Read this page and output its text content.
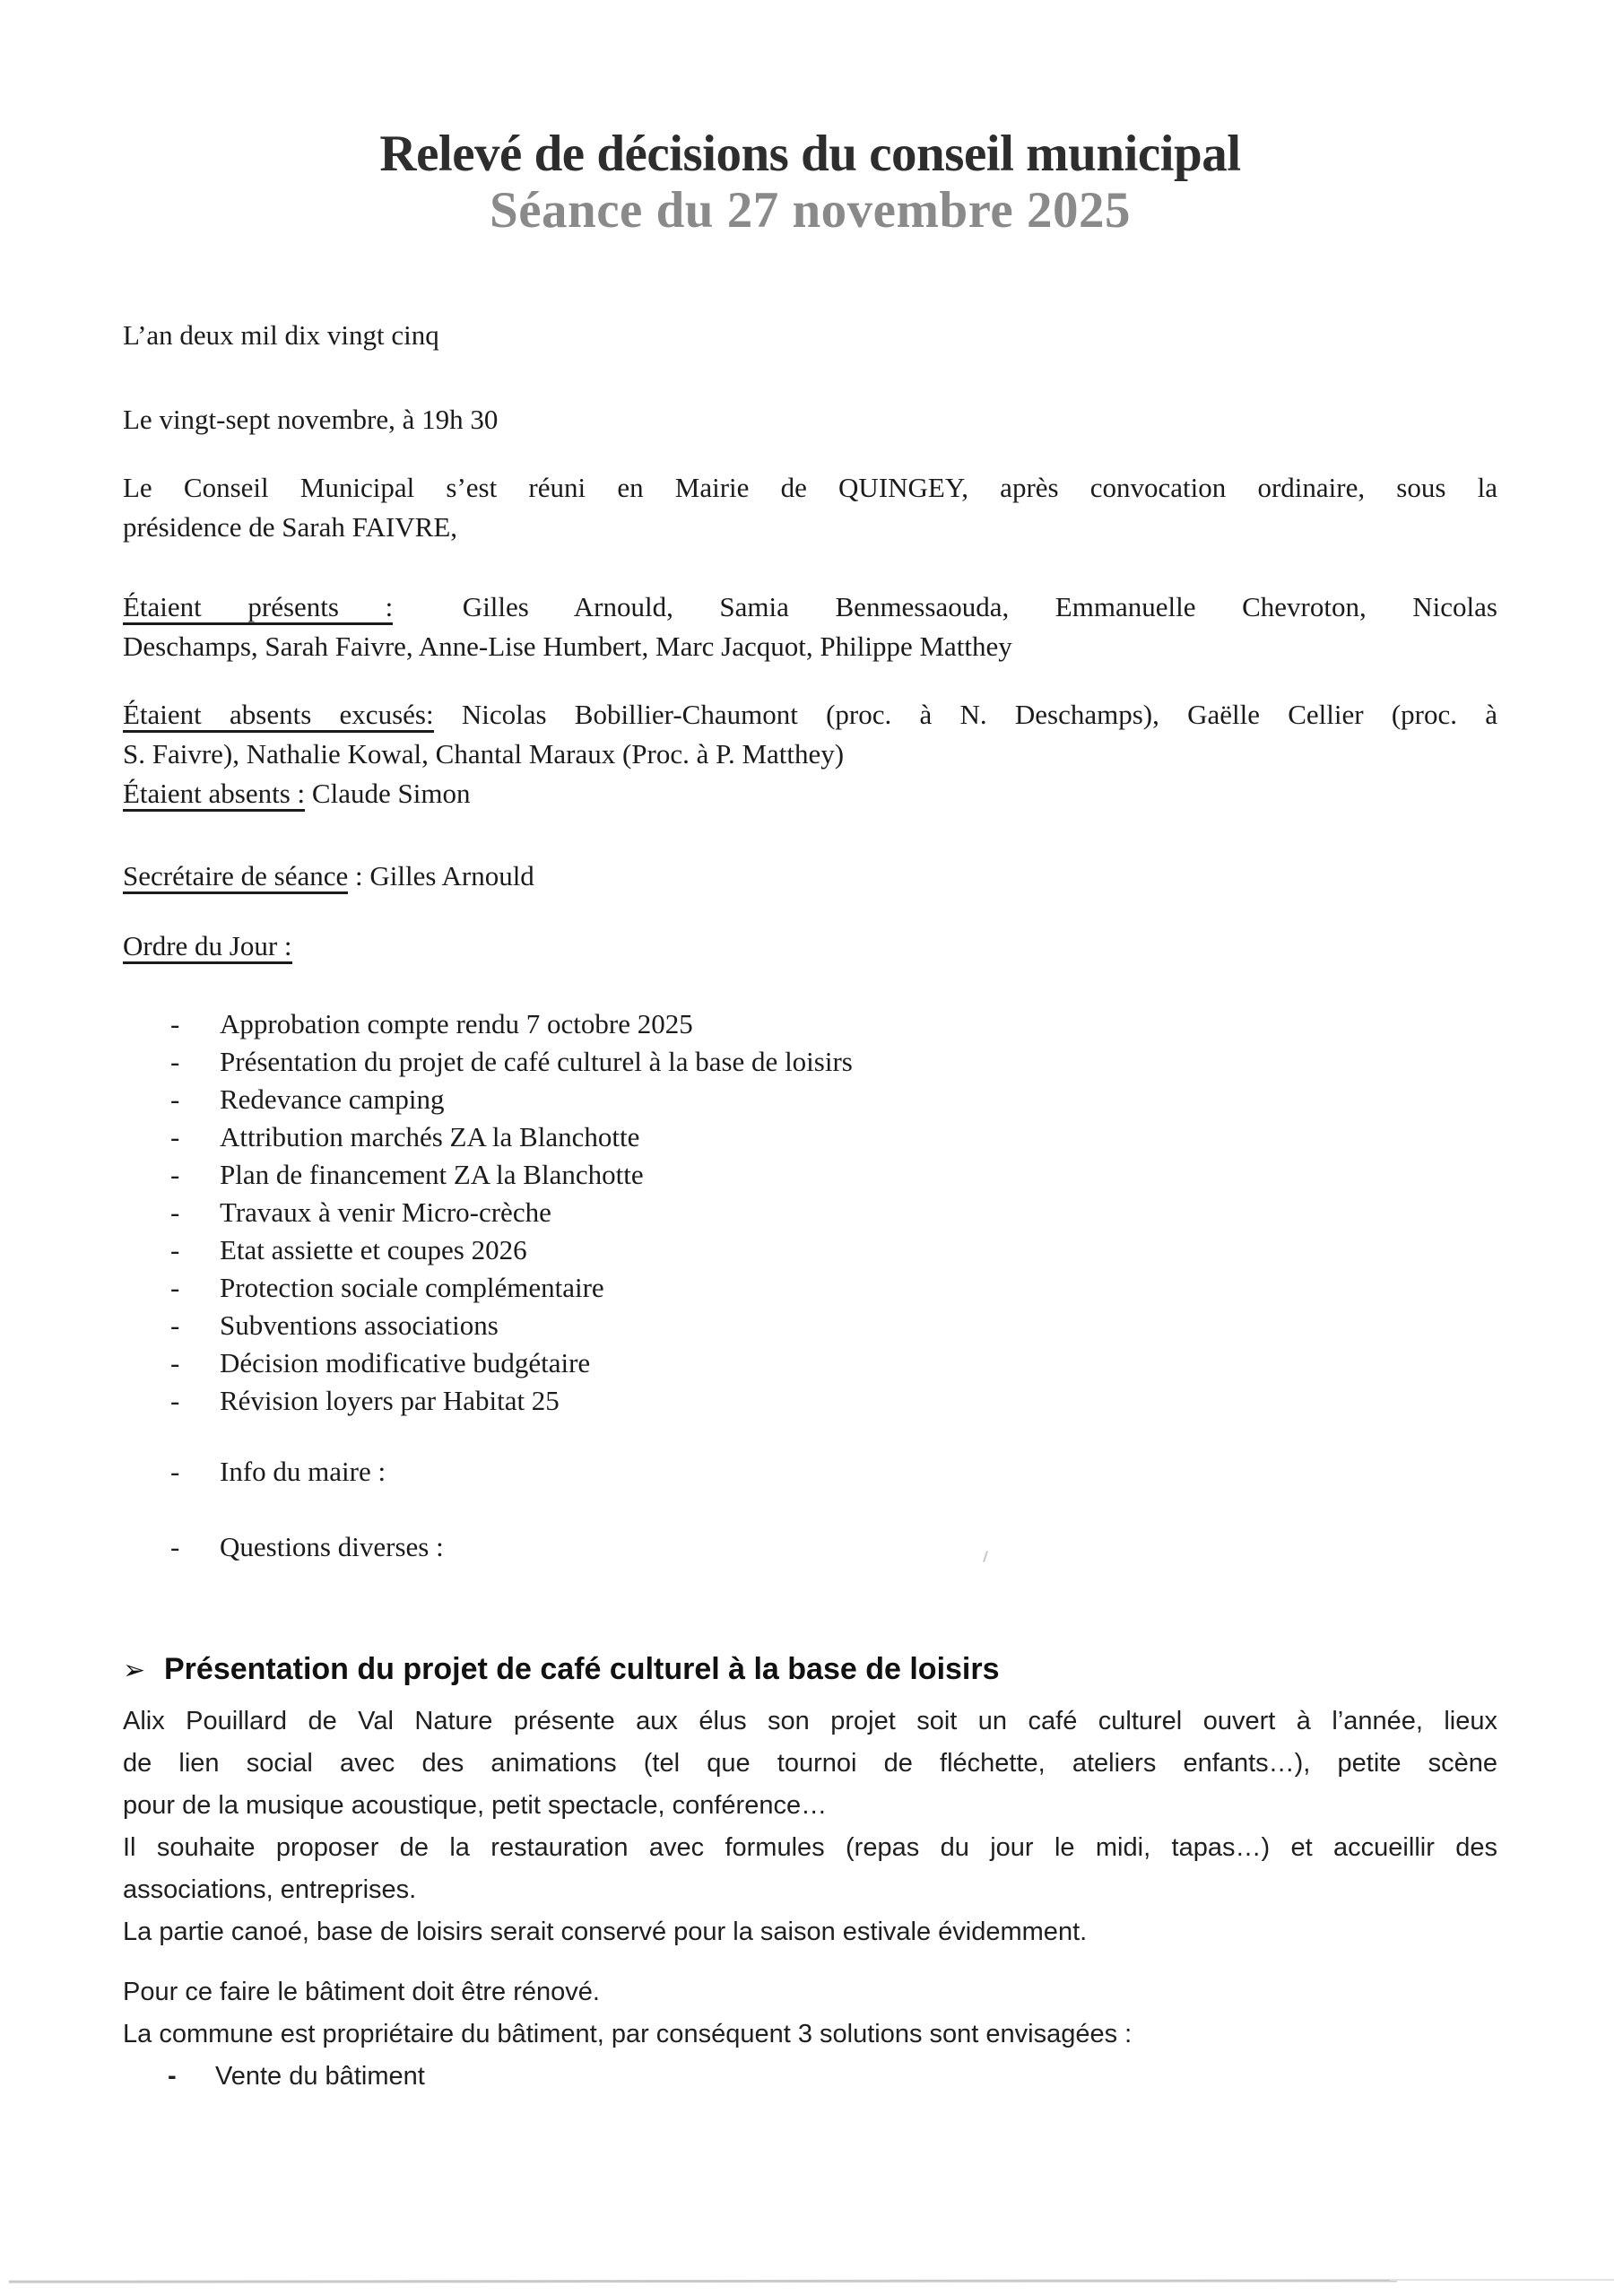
Relevé de décisions du conseil municipal
Séance du 27 novembre 2025
L’an deux mil dix vingt cinq
Le vingt-sept novembre, à 19h 30
Le Conseil Municipal s’est réuni en Mairie de QUINGEY, après convocation ordinaire, sous la
présidence de Sarah FAIVRE,
Étaient présents : Gilles Arnould, Samia Benmessaouda, Emmanuelle Chevroton, Nicolas
Deschamps, Sarah Faivre, Anne-Lise Humbert, Marc Jacquot, Philippe Matthey
Étaient absents excusés: Nicolas Bobillier-Chaumont (proc. à N. Deschamps), Gaëlle Cellier (proc. à
S. Faivre), Nathalie Kowal, Chantal Maraux (Proc. à P. Matthey)
Étaient absents : Claude Simon
Secrétaire de séance : Gilles Arnould
Ordre du Jour :
-	Approbation compte rendu 7 octobre 2025
-	Présentation du projet de café culturel à la base de loisirs
-	Redevance camping
-	Attribution marchés ZA la Blanchotte
-	Plan de financement ZA la Blanchotte
-	Travaux à venir Micro-crèche
-	Etat assiette et coupes 2026
-	Protection sociale complémentaire
-	Subventions associations
-	Décision modificative budgétaire
-	Révision loyers par Habitat 25
-	Info du maire :
-	Questions diverses :
➢ Présentation du projet de café culturel à la base de loisirs
Alix Pouillard de Val Nature présente aux élus son projet soit un café culturel ouvert à l’année, lieux
de lien social avec des animations (tel que tournoi de fléchette, ateliers enfants…), petite scène
pour de la musique acoustique, petit spectacle, conférence…
Il souhaite proposer de la restauration avec formules (repas du jour le midi, tapas…) et accueillir des
associations, entreprises.
La partie canoé, base de loisirs serait conservé pour la saison estivale évidemment.
Pour ce faire le bâtiment doit être rénové.
La commune est propriétaire du bâtiment, par conséquent 3 solutions sont envisagées :
-	Vente du bâtiment
